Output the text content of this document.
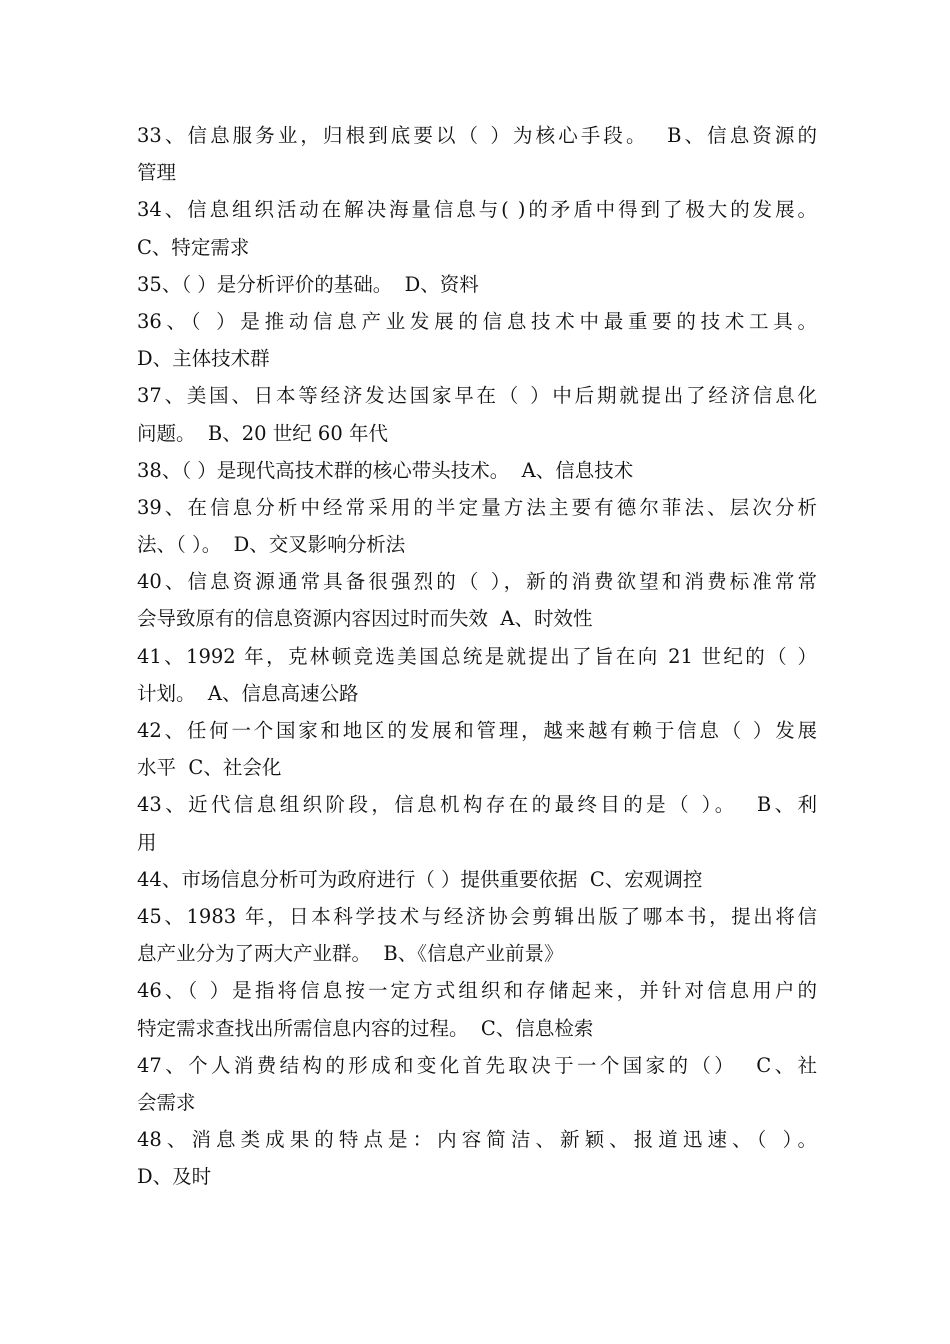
33、信息服务业，归根到底要以（ ）为核心手段。  B、信息资源的
管理
34、信息组织活动在解决海量信息与( )的矛盾中得到了极大的发展。
C、特定需求
35、（ ）是分析评价的基础。  D、资料
36、（ ）是推动信息产业发展的信息技术中最重要的技术工具。
D、主体技术群
37、美国、日本等经济发达国家早在（ ）中后期就提出了经济信息化
问题。  B、20 世纪 60 年代
38、（ ）是现代高技术群的核心带头技术。  A、信息技术
39、在信息分析中经常采用的半定量方法主要有德尔菲法、层次分析
法、（ ）。  D、交叉影响分析法
40、信息资源通常具备很强烈的（ ），新的消费欲望和消费标准常常
会导致原有的信息资源内容因过时而失效  A、时效性
41、1992 年，克林顿竞选美国总统是就提出了旨在向 21 世纪的（ ）
计划。  A、信息高速公路
42、任何一个国家和地区的发展和管理，越来越有赖于信息（ ）发展
水平  C、社会化
43、近代信息组织阶段，信息机构存在的最终目的是（ ）。  B、利
用
44、市场信息分析可为政府进行（ ）提供重要依据  C、宏观调控
45、1983 年，日本科学技术与经济协会剪辑出版了哪本书，提出将信
息产业分为了两大产业群。  B、《信息产业前景》
46、（ ）是指将信息按一定方式组织和存储起来，并针对信息用户的
特定需求查找出所需信息内容的过程。  C、信息检索
47、个人消费结构的形成和变化首先取决于一个国家的（）  C、社
会需求
48、消息类成果的特点是：内容简洁、新颖、报道迅速、（ ）。
D、及时
